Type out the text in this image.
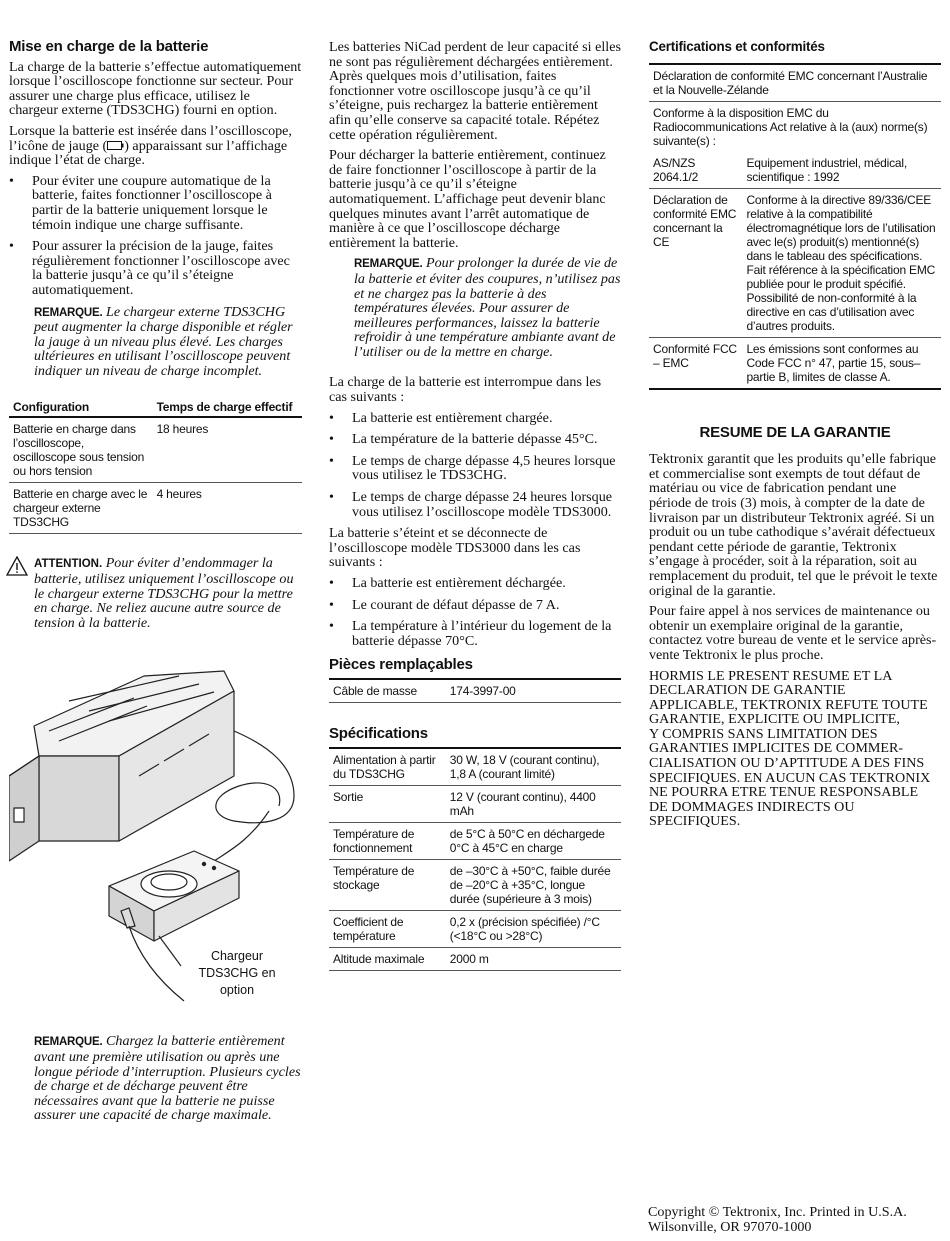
Mise en charge de la batterie

La charge de la batterie s’effectue automatiquement lorsque l’oscilloscope fonctionne sur secteur. Pour assurer une charge plus efficace, utilisez le chargeur externe (TDS3CHG) fourni en option.

Lorsque la batterie est insérée dans l’oscilloscope, l’icône de jauge ( ) apparaissant sur l’affichage indique l’état de charge.

• Pour éviter une coupure automatique de la batterie, faites fonctionner l’oscilloscope à partir de la batterie uniquement lorsque le témoin indique une charge suffisante.
• Pour assurer la précision de la jauge, faites régulièrement fonctionner l’oscilloscope avec la batterie jusqu’à ce qu’il s’éteigne automatiquement.

REMARQUE. Le chargeur externe TDS3CHG peut augmenter la charge disponible et régler la jauge à un niveau plus élevé. Les charges ultérieures en utilisant l’oscilloscope peuvent indiquer un niveau de charge incomplet.

Configuration	Temps de charge effectif
Batterie en charge dans l’oscilloscope, oscilloscope sous tension ou hors tension	18 heures
Batterie en charge avec le chargeur externe TDS3CHG	4 heures

ATTENTION. Pour éviter d’endommager la batterie, utilisez uniquement l’oscilloscope ou le chargeur externe TDS3CHG pour la mettre en charge. Ne reliez aucune autre source de tension à la batterie.

Chargeur TDS3CHG en option

REMARQUE. Chargez la batterie entièrement avant une première utilisation ou après une longue période d’interruption. Plusieurs cycles de charge et de décharge peuvent être nécessaires avant que la batterie ne puisse assurer une capacité de charge maximale.

Les batteries NiCad perdent de leur capacité si elles ne sont pas régulièrement déchargées entièrement. Après quelques mois d’utilisation, faites fonctionner votre oscilloscope jusqu’à ce qu’il s’éteigne, puis rechargez la batterie entièrement afin qu’elle conserve sa capacité totale. Répétez cette opération régulièrement.

Pour décharger la batterie entièrement, continuez de faire fonctionner l’oscilloscope à partir de la batterie jusqu’à ce qu’il s’éteigne automatiquement. L’affichage peut devenir blanc quelques minutes avant l’arrêt automatique de manière à ce que l’oscilloscope décharge entièrement la batterie.

REMARQUE. Pour prolonger la durée de vie de la batterie et éviter des coupures, n’utilisez pas et ne chargez pas la batterie à des températures élevées. Pour assurer de meilleures performances, laissez la batterie refroidir à une température ambiante avant de l’utiliser ou de la mettre en charge.

La charge de la batterie est interrompue dans les cas suivants :

• La batterie est entièrement chargée.
• La température de la batterie dépasse 45°C.
• Le temps de charge dépasse 4,5 heures lorsque vous utilisez le TDS3CHG.
• Le temps de charge dépasse 24 heures lorsque vous utilisez l’oscilloscope modèle TDS3000.

La batterie s’éteint et se déconnecte de l’oscilloscope modèle TDS3000 dans les cas suivants :

• La batterie est entièrement déchargée.
• Le courant de défaut dépasse de 7 A.
• La température à l’intérieur du logement de la batterie dépasse 70°C.
Pièces remplaçables
Câble de masse	174-3997-00
Spécifications
Alimentation à partir du TDS3CHG	30 W, 18 V (courant continu), 1,8 A (courant limité)
Sortie	12 V (courant continu), 4400 mAh
Température de fonctionnement	de 5°C à 50°C en déchargede 0°C à 45°C en charge
Température de stockage	de –30°C à +50°C, faible durée de –20°C à +35°C, longue durée (supérieure à 3 mois)
Coefficient de température	0,2 x (précision spécifiée) /°C (<18°C ou >28°C)
Altitude maximale	2000 m
Certifications et conformités
Déclaration de conformité EMC concernant l’Australie et la Nouvelle-Zélande	
Conforme à la disposition EMC du Radiocommunications Act relative à la (aux) norme(s) suivante(s) :	
AS/NZS 2064.1/2	Equipement industriel, médical, scientifique : 1992
Déclaration de conformité EMC concernant la CE	Conforme à la directive 89/336/CEE relative à la compatibilité électromagnétique lors de l’utilisation avec le(s) produit(s) mentionné(s) dans le tableau des spécifications. Fait référence à la spécification EMC publiée pour le produit spécifié. Possibilité de non-conformité à la directive en cas d’utilisation avec d’autres produits.
Conformité FCC – EMC	Les émissions sont conformes au Code FCC n° 47, partie 15, sous–partie B, limites de classe A.
RESUME DE LA GARANTIE

Tektronix garantit que les produits qu’elle fabrique et commercialise sont exempts de tout défaut de matériau ou vice de fabrication pendant une période de trois (3) mois, à compter de la date de livraison par un distributeur Tektronix agréé. Si un produit ou un tube cathodique s’avérait défectueux pendant cette période de garantie, Tektronix s’engage à procéder, soit à la réparation, soit au remplacement du produit, tel que le prévoit le texte original de la garantie.

Pour faire appel à nos services de maintenance ou obtenir un exemplaire original de la garantie, contactez votre bureau de vente et le service après-vente Tektronix le plus proche.

HORMIS LE PRESENT RESUME ET LA

DECLARATION DE GARANTIE

APPLICABLE, TEKTRONIX REFUTE TOUTE

GARANTIE, EXPLICITE OU IMPLICITE,

Y COMPRIS SANS LIMITATION DES

GARANTIES IMPLICITES DE COMMER-

CIALISATION OU D’APTITUDE A DES FINS

SPECIFIQUES. EN AUCUN CAS TEKTRONIX

NE POURRA ETRE TENUE RESPONSABLE

DE DOMMAGES INDIRECTS OU

SPECIFIQUES.

Copyright © Tektronix, Inc. Printed in U.S.A.
Wilsonville, OR 97070-1000
